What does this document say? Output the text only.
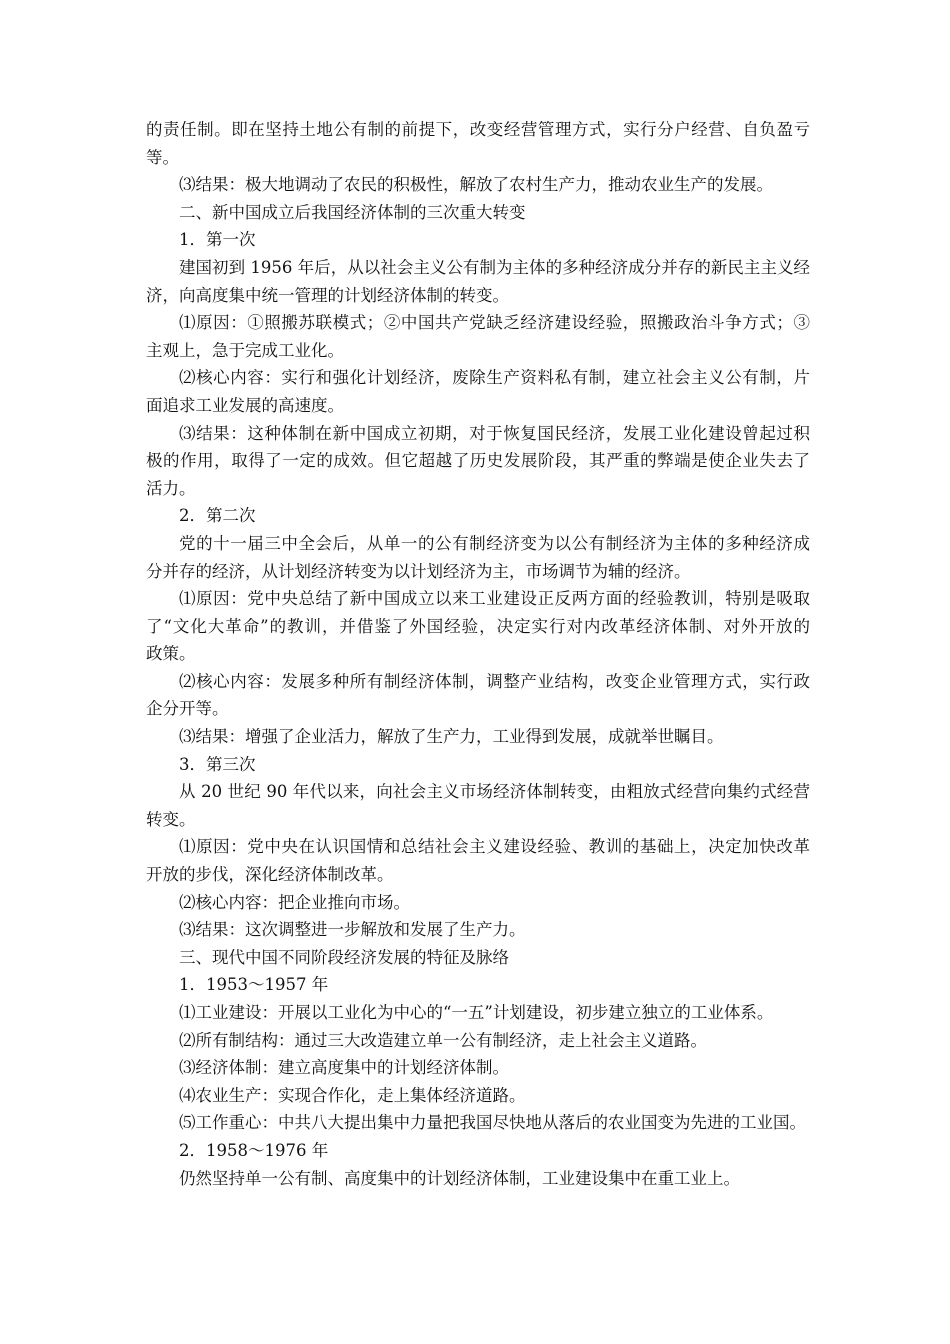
的责任制。即在坚持土地公有制的前提下，改变经营管理方式，实行分户经营、自负盈亏
等。
⑶结果：极大地调动了农民的积极性，解放了农村生产力，推动农业生产的发展。
二、新中国成立后我国经济体制的三次重大转变
1．第一次
建国初到 1956 年后，从以社会主义公有制为主体的多种经济成分并存的新民主主义经
济，向高度集中统一管理的计划经济体制的转变。
⑴原因：①照搬苏联模式；②中国共产党缺乏经济建设经验，照搬政治斗争方式；③
主观上，急于完成工业化。
⑵核心内容：实行和强化计划经济，废除生产资料私有制，建立社会主义公有制，片
面追求工业发展的高速度。
⑶结果：这种体制在新中国成立初期，对于恢复国民经济，发展工业化建设曾起过积
极的作用，取得了一定的成效。但它超越了历史发展阶段，其严重的弊端是使企业失去了
活力。
2．第二次
党的十一届三中全会后，从单一的公有制经济变为以公有制经济为主体的多种经济成
分并存的经济，从计划经济转变为以计划经济为主，市场调节为辅的经济。
⑴原因：党中央总结了新中国成立以来工业建设正反两方面的经验教训，特别是吸取
了“文化大革命”的教训，并借鉴了外国经验，决定实行对内改革经济体制、对外开放的
政策。
⑵核心内容：发展多种所有制经济体制，调整产业结构，改变企业管理方式，实行政
企分开等。
⑶结果：增强了企业活力，解放了生产力，工业得到发展，成就举世瞩目。
3．第三次
从 20 世纪 90 年代以来，向社会主义市场经济体制转变，由粗放式经营向集约式经营
转变。
⑴原因：党中央在认识国情和总结社会主义建设经验、教训的基础上，决定加快改革
开放的步伐，深化经济体制改革。
⑵核心内容：把企业推向市场。
⑶结果：这次调整进一步解放和发展了生产力。
三、现代中国不同阶段经济发展的特征及脉络
1．1953～1957 年
⑴工业建设：开展以工业化为中心的“一五”计划建设，初步建立独立的工业体系。
⑵所有制结构：通过三大改造建立单一公有制经济，走上社会主义道路。
⑶经济体制：建立高度集中的计划经济体制。
⑷农业生产：实现合作化，走上集体经济道路。
⑸工作重心：中共八大提出集中力量把我国尽快地从落后的农业国变为先进的工业国。
2．1958～1976 年
仍然坚持单一公有制、高度集中的计划经济体制，工业建设集中在重工业上。
